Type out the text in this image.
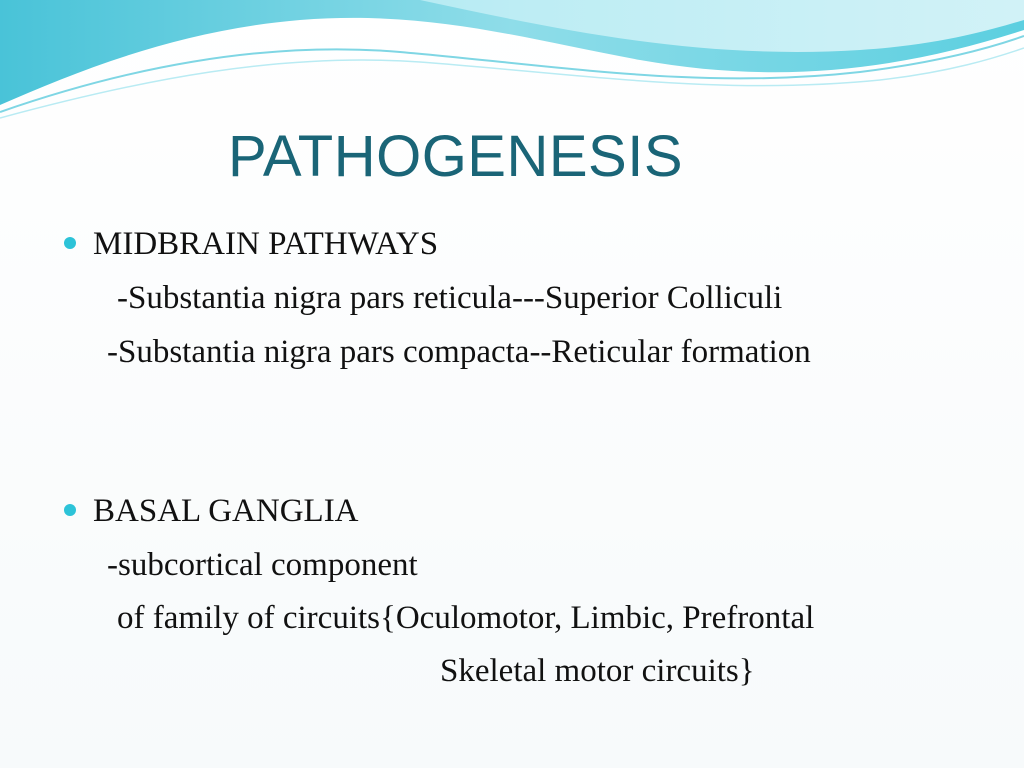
PATHOGENESIS

MIDBRAIN PATHWAYS

-Substantia nigra pars reticula---Superior Colliculi

-Substantia nigra pars compacta--Reticular formation

BASAL GANGLIA

-subcortical component

of family of circuits{Oculomotor, Limbic, Prefrontal

Skeletal motor circuits}
